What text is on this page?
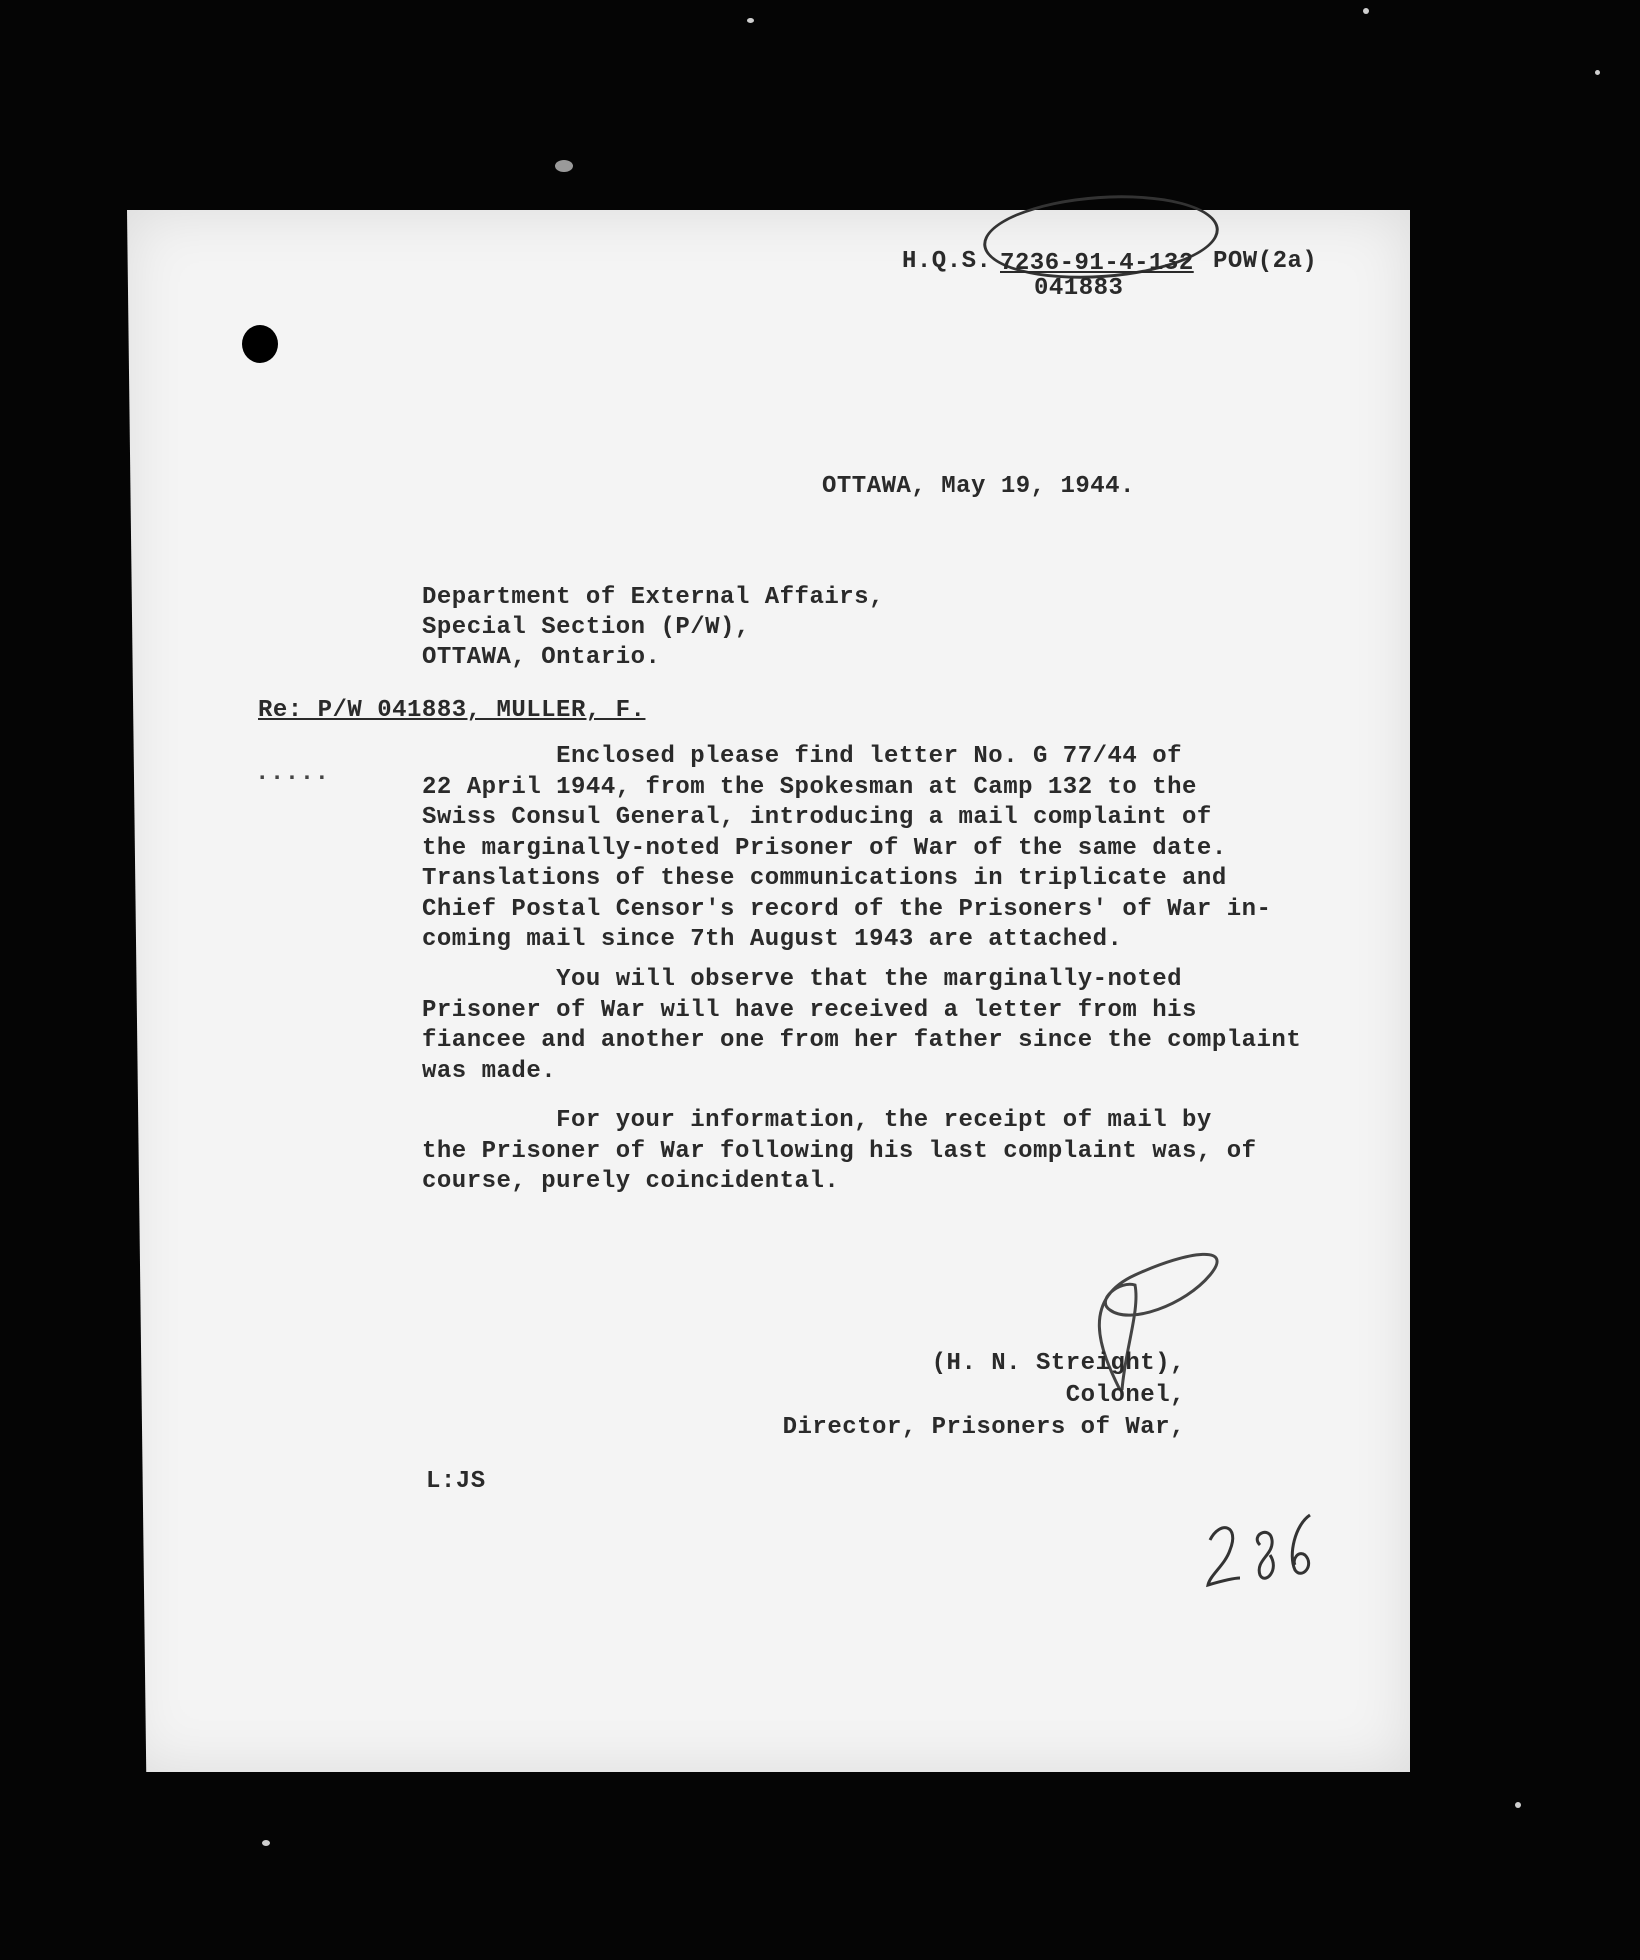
H.Q.S. 7236-91-4-132 POW(2a)
041883
OTTAWA, May 19, 1944.
Department of External Affairs,
Special Section (P/W),
OTTAWA, Ontario.
Re: P/W 041883, MULLER, F.
.....
Enclosed please find letter No. G 77/44 of
22 April 1944, from the Spokesman at Camp 132 to the
Swiss Consul General, introducing a mail complaint of
the marginally-noted Prisoner of War of the same date.
Translations of these communications in triplicate and
Chief Postal Censor's record of the Prisoners' of War
coming mail since 7th August 1943 are attached.
You will observe that the marginally-noted
Prisoner of War will have received a letter from his
fiancee and another one from her father since the complaint
was made.
For your information, the receipt of mail by
the Prisoner of War following his last complaint was, of
course, purely coincidental.
(H. N. Streight),
Colonel,
Director, Prisoners of War,
L:JS
